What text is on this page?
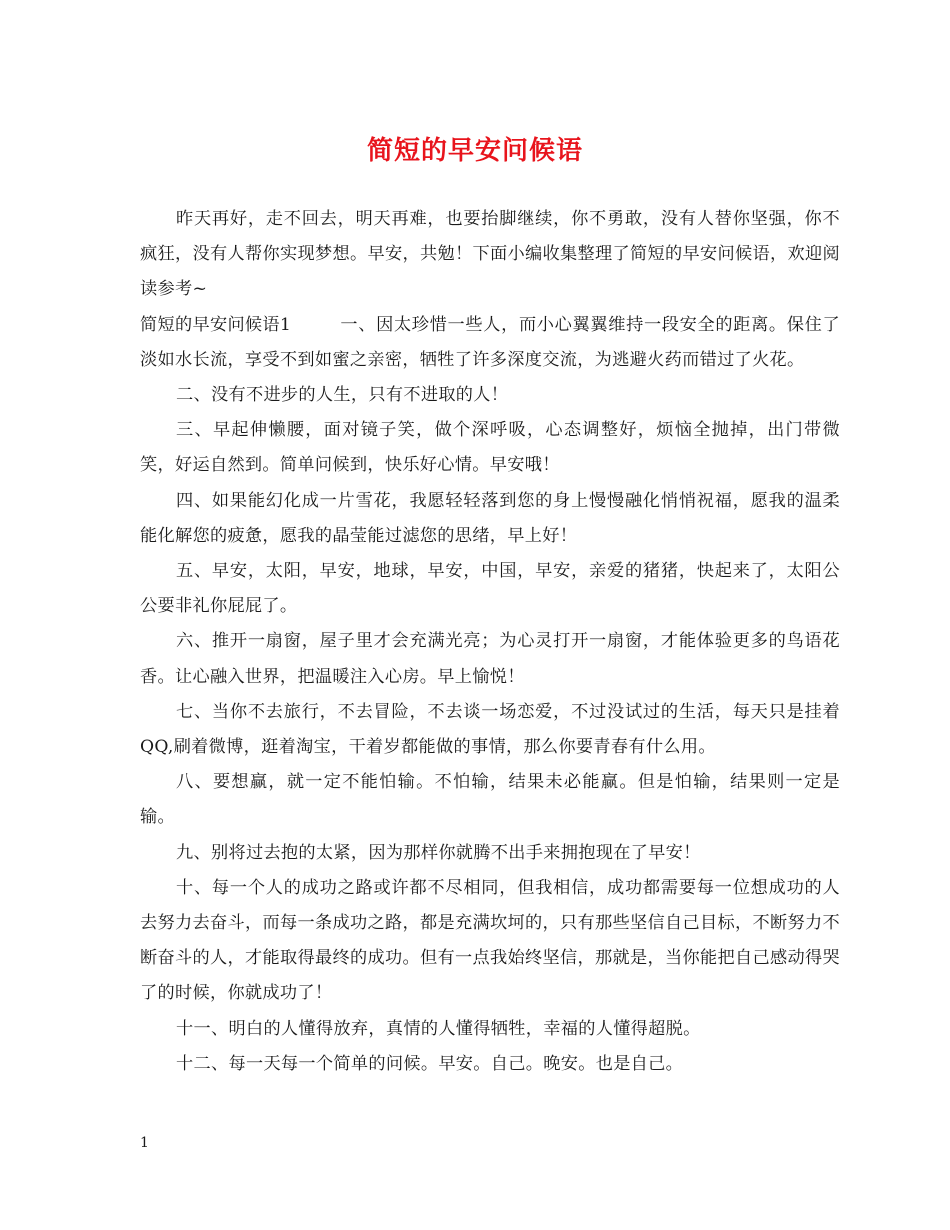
简短的早安问候语

昨天再好，走不回去，明天再难，也要抬脚继续，你不勇敢，没有人替你坚强，你不疯狂，没有人帮你实现梦想。早安，共勉！下面小编收集整理了简短的早安问候语，欢迎阅读参考~

简短的早安问候语1	一、因太珍惜一些人，而小心翼翼维持一段安全的距离。保住了淡如水长流，享受不到如蜜之亲密，牺牲了许多深度交流，为逃避火药而错过了火花。

二、没有不进步的人生，只有不进取的人！

三、早起伸懒腰，面对镜子笑，做个深呼吸，心态调整好，烦恼全抛掉，出门带微笑，好运自然到。简单问候到，快乐好心情。早安哦！

四、如果能幻化成一片雪花，我愿轻轻落到您的身上慢慢融化悄悄祝福，愿我的温柔能化解您的疲惫，愿我的晶莹能过滤您的思绪，早上好！

五、早安，太阳，早安，地球，早安，中国，早安，亲爱的猪猪，快起来了，太阳公公要非礼你屁屁了。

六、推开一扇窗，屋子里才会充满光亮；为心灵打开一扇窗，才能体验更多的鸟语花香。让心融入世界，把温暖注入心房。早上愉悦！

七、当你不去旅行，不去冒险，不去谈一场恋爱，不过没试过的生活，每天只是挂着QQ,刷着微博，逛着淘宝，干着岁都能做的事情，那么你要青春有什么用。

八、要想赢，就一定不能怕输。不怕输，结果未必能赢。但是怕输，结果则一定是输。

九、别将过去抱的太紧，因为那样你就腾不出手来拥抱现在了早安！

十、每一个人的成功之路或许都不尽相同，但我相信，成功都需要每一位想成功的人去努力去奋斗，而每一条成功之路，都是充满坎坷的，只有那些坚信自己目标，不断努力不断奋斗的人，才能取得最终的成功。但有一点我始终坚信，那就是，当你能把自己感动得哭了的时候，你就成功了！

十一、明白的人懂得放弃，真情的人懂得牺牲，幸福的人懂得超脱。

十二、每一天每一个简单的问候。早安。自己。晚安。也是自己。

1
